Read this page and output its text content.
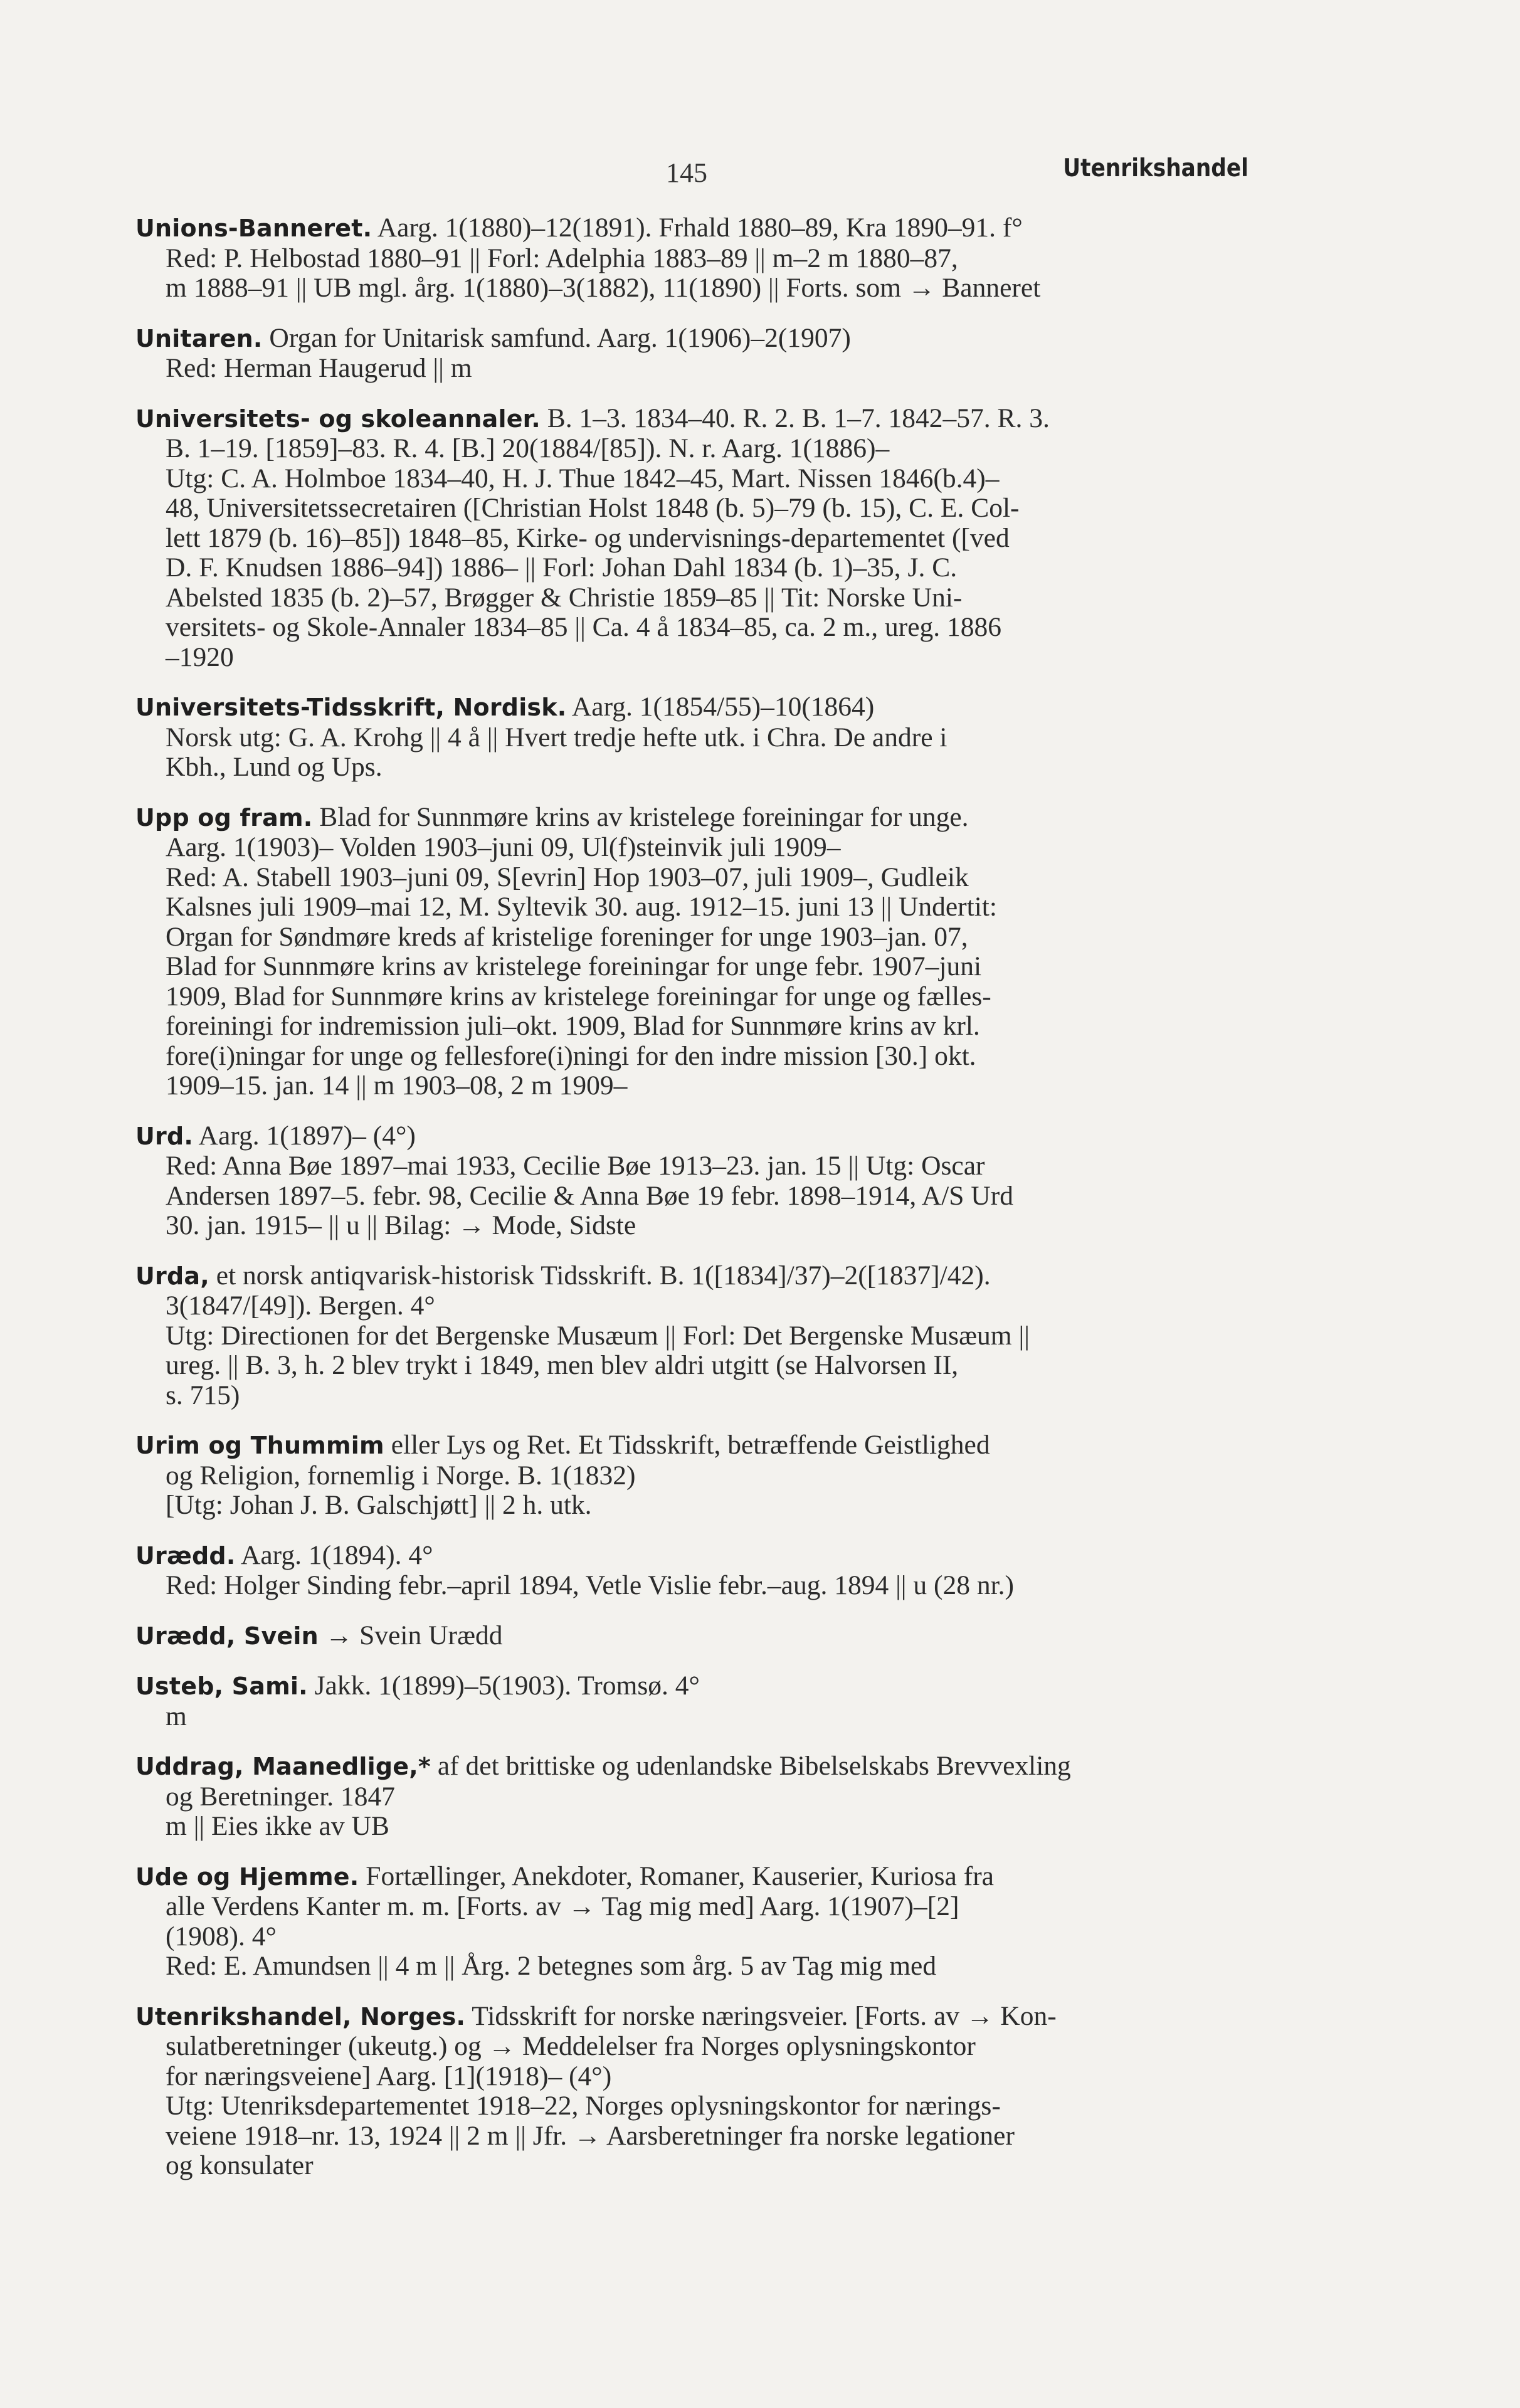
145	Utenrikshandel
Unions-Banneret. Aarg. 1(1880)–12(1891). Frhald 1880–89, Kra 1890–91. f°
Red: P. Helbostad 1880–91 || Forl: Adelphia 1883–89 || m–2 m 1880–87,
m 1888–91 || UB mgl. årg. 1(1880)–3(1882), 11(1890) || Forts. som → Banneret
Unitaren. Organ for Unitarisk samfund. Aarg. 1(1906)–2(1907)
Red: Herman Haugerud || m
Universitets- og skoleannaler. B. 1–3. 1834–40. R. 2. B. 1–7. 1842–57. R. 3.
B. 1–19. [1859]–83. R. 4. [B.] 20(1884/[85]). N. r. Aarg. 1(1886)–
Utg: C. A. Holmboe 1834–40, H. J. Thue 1842–45, Mart. Nissen 1846(b.4)–
48, Universitetssecretairen ([Christian Holst 1848 (b. 5)–79 (b. 15), C. E. Col-
lett 1879 (b. 16)–85]) 1848–85, Kirke- og undervisnings-departementet ([ved
D. F. Knudsen 1886–94]) 1886– || Forl: Johan Dahl 1834 (b. 1)–35, J. C.
Abelsted 1835 (b. 2)–57, Brøgger & Christie 1859–85 || Tit: Norske Uni-
versitets- og Skole-Annaler 1834–85 || Ca. 4 å 1834–85, ca. 2 m., ureg. 1886
–1920
Universitets-Tidsskrift, Nordisk. Aarg. 1(1854/55)–10(1864)
Norsk utg: G. A. Krohg || 4 å || Hvert tredje hefte utk. i Chra. De andre i
Kbh., Lund og Ups.
Upp og fram. Blad for Sunnmøre krins av kristelege foreiningar for unge.
Aarg. 1(1903)– Volden 1903–juni 09, Ul(f)steinvik juli 1909–
Red: A. Stabell 1903–juni 09, S[evrin] Hop 1903–07, juli 1909–, Gudleik
Kalsnes juli 1909–mai 12, M. Syltevik 30. aug. 1912–15. juni 13 || Undertit:
Organ for Søndmøre kreds af kristelige foreninger for unge 1903–jan. 07,
Blad for Sunnmøre krins av kristelege foreiningar for unge febr. 1907–juni
1909, Blad for Sunnmøre krins av kristelege foreiningar for unge og fælles-
foreiningi for indremission juli–okt. 1909, Blad for Sunnmøre krins av krl.
fore(i)ningar for unge og fellesfore(i)ningi for den indre mission [30.] okt.
1909–15. jan. 14 || m 1903–08, 2 m 1909–
Urd. Aarg. 1(1897)– (4°)
Red: Anna Bøe 1897–mai 1933, Cecilie Bøe 1913–23. jan. 15 || Utg: Oscar
Andersen 1897–5. febr. 98, Cecilie & Anna Bøe 19 febr. 1898–1914, A/S Urd
30. jan. 1915– || u || Bilag: → Mode, Sidste
Urda, et norsk antiqvarisk-historisk Tidsskrift. B. 1([1834]/37)–2([1837]/42).
3(1847/[49]). Bergen. 4°
Utg: Directionen for det Bergenske Musæum || Forl: Det Bergenske Musæum ||
ureg. || B. 3, h. 2 blev trykt i 1849, men blev aldri utgitt (se Halvorsen II,
s. 715)
Urim og Thummim eller Lys og Ret. Et Tidsskrift, betræffende Geistlighed
og Religion, fornemlig i Norge. B. 1(1832)
[Utg: Johan J. B. Galschjøtt] || 2 h. utk.
Urædd. Aarg. 1(1894). 4°
Red: Holger Sinding febr.–april 1894, Vetle Vislie febr.–aug. 1894 || u (28 nr.)
Urædd, Svein → Svein Urædd
Usteb, Sami. Jakk. 1(1899)–5(1903). Tromsø. 4°
m
Uddrag, Maanedlige,* af det brittiske og udenlandske Bibelselskabs Brevvexling
og Beretninger. 1847
m || Eies ikke av UB
Ude og Hjemme. Fortællinger, Anekdoter, Romaner, Kauserier, Kuriosa fra
alle Verdens Kanter m. m. [Forts. av → Tag mig med] Aarg. 1(1907)–[2]
(1908). 4°
Red: E. Amundsen || 4 m || Årg. 2 betegnes som årg. 5 av Tag mig med
Utenrikshandel, Norges. Tidsskrift for norske næringsveier. [Forts. av → Kon-
sulatberetninger (ukeutg.) og → Meddelelser fra Norges oplysningskontor
for næringsveiene] Aarg. [1](1918)– (4°)
Utg: Utenriksdepartementet 1918–22, Norges oplysningskontor for nærings-
veiene 1918–nr. 13, 1924 || 2 m || Jfr. → Aarsberetninger fra norske legationer
og konsulater
